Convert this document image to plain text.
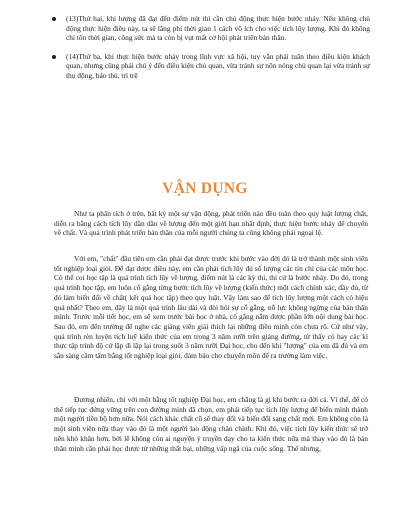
(13)Thứ hai, khi lượng đã đạt đến điểm nút thì cần chủ động thực hiện bước nhảy. Nếu không chủ động thực hiện điều này, ta sẽ lãng phí thời gian 1 cách vô ích cho việc tích lũy lượng. Khi đó không chỉ tốn thời gian, công sức mà ta còn bị vụt mất cơ hội phát triển bản thân.
(14)Thứ ba, khi thực hiện bước nhảy trong lĩnh vực xã hội, tuy vẫn phải tuân theo điều kiện khách quan, nhưng cũng phải chú ý đến điều kiện chủ quan, vừa tránh sự nôn nóng chủ quan lại vừa tránh sự thụ động, bảo thủ, trì trệ
VẬN DỤNG

Như ta phân tích ở trên, bất kỳ một sự vận động, phát triển nào đều tuân theo quy luật lượng chất, diễn ra bằng cách tích lũy dần dần về lượng đến một giới hạn nhất định, thực hiện bước nhảy để chuyển về chất. Và quá trình phát triển bản thân của mỗi người chúng ta cũng không phải ngoại lệ.

Với em, "chất" đầu tiên em cần phải đạt được trước khi bước vào đời đó là trở thành một sinh viên tốt nghiệp loại giỏi. Để đạt được điều này, em cần phải tích lũy đủ số lượng các tín chỉ của các môn học. Có thể coi học tập là quá trình tích lũy về lượng, điểm nút là các kỳ thi, thi cử là bước nhảy. Do đó, trong quá trình học tập, em luôn cố gắng từng bước tích lũy về lượng (kiến thức) một cách chính xác, đầy đủ, từ đó làm biến đổi về chất( kết quả học tập) theo quy luật. Vậy làm sao để tích lũy lượng một cách có hiệu quả nhất? Theo em, đây là một quá trình lâu dài và đòi hỏi sự cố gắng, nỗ lực không ngừng của bản thân mình. Trước mỗi tiết học, em sẽ xem trước bài học ở nhà, cố gắng nắm được phần lớn nội dung bài học. Sau đó, em đến trường để nghe các giảng viên giải thích lại những điều mình còn chưa rõ. Cứ như vậy, quá trình rèn luyện tích luỹ kiến thức của em trong 3 năm rưỡi trên giảng đường, từ thấy có hay các kì thực tập trình độ cứ lặp đi lặp lại trong suốt 3 năm rưỡi Đại học, cho đến khi "lượng" của em đã đủ và em sẵn sàng cầm tấm bằng tốt nghiệp loại giỏi, đảm bảo cho chuyển môn để ra trường làm việc.

Đương nhiên, chỉ với một bằng tốt nghiệp Đại học, em chẳng là gì khi bước ra đời cả. Vì thế, để có thể tiếp tục đứng vững trên con đường mình đã chọn, em phải tiếp tục tích lũy lượng để biến mình thành một người tiền bộ hơn nữa. Nói cách khác chất cũ sẽ thay đổi và biến đổi sang chất mới. Em không còn là một sinh viên nữa thay vào đó là một người lao động chân chính. Khi đó, việc tích lũy kiến thức sẽ trở nên khó khăn hơn, bởi lẽ không còn ai nguyện ý truyền dạy cho ta kiến thức nữa mà thay vào đó là bản thân mình cần phải học được từ những thất bại, những vấp ngã của cuộc sống. Thế nhưng,
